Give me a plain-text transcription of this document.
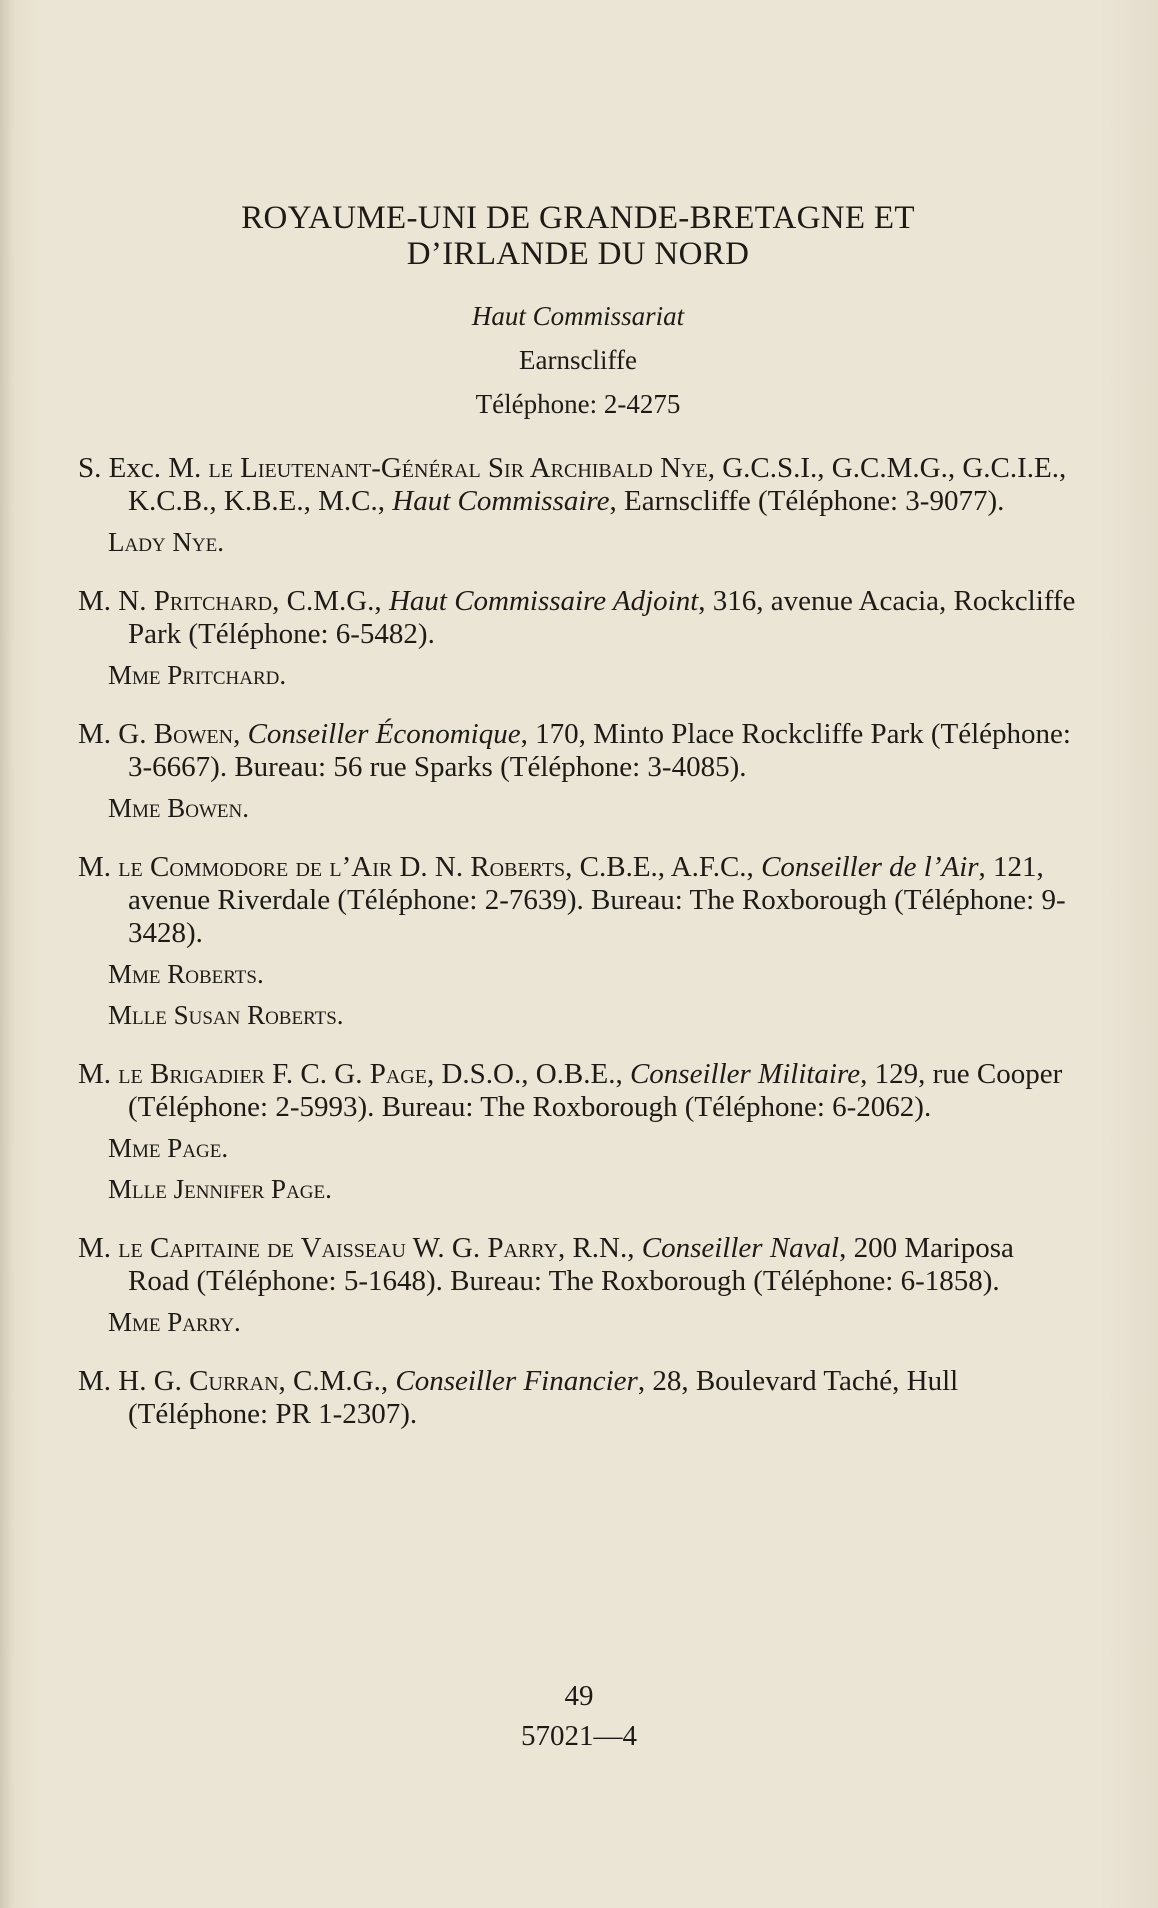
ROYAUME-UNI DE GRANDE-BRETAGNE ET
D’IRLANDE DU NORD
Haut Commissariat
Earnscliffe
Téléphone: 2-4275
S. Exc. M. le Lieutenant-Général Sir Archibald Nye, G.C.S.I., G.C.M.G., G.C.I.E., K.C.B., K.B.E., M.C., Haut Commissaire, Earnscliffe (Téléphone: 3-9077).
Lady Nye.
M. N. Pritchard, C.M.G., Haut Commissaire Adjoint, 316, avenue Acacia, Rockcliffe Park (Téléphone: 6-5482).
Mme Pritchard.
M. G. Bowen, Conseiller Économique, 170, Minto Place Rockcliffe Park (Téléphone: 3-6667). Bureau: 56 rue Sparks (Téléphone: 3-4085).
Mme Bowen.
M. le Commodore de l’Air D. N. Roberts, C.B.E., A.F.C., Conseiller de l’Air, 121, avenue Riverdale (Téléphone: 2-7639). Bureau: The Roxborough (Téléphone: 9-3428).
Mme Roberts.
Mlle Susan Roberts.
M. le Brigadier F. C. G. Page, D.S.O., O.B.E., Conseiller Militaire, 129, rue Cooper (Téléphone: 2-5993). Bureau: The Roxborough (Téléphone: 6-2062).
Mme Page.
Mlle Jennifer Page.
M. le Capitaine de Vaisseau W. G. Parry, R.N., Conseiller Naval, 200 Mariposa Road (Téléphone: 5-1648). Bureau: The Roxborough (Téléphone: 6-1858).
Mme Parry.
M. H. G. Curran, C.M.G., Conseiller Financier, 28, Boulevard Taché, Hull (Téléphone: PR 1-2307).
49
57021—4
